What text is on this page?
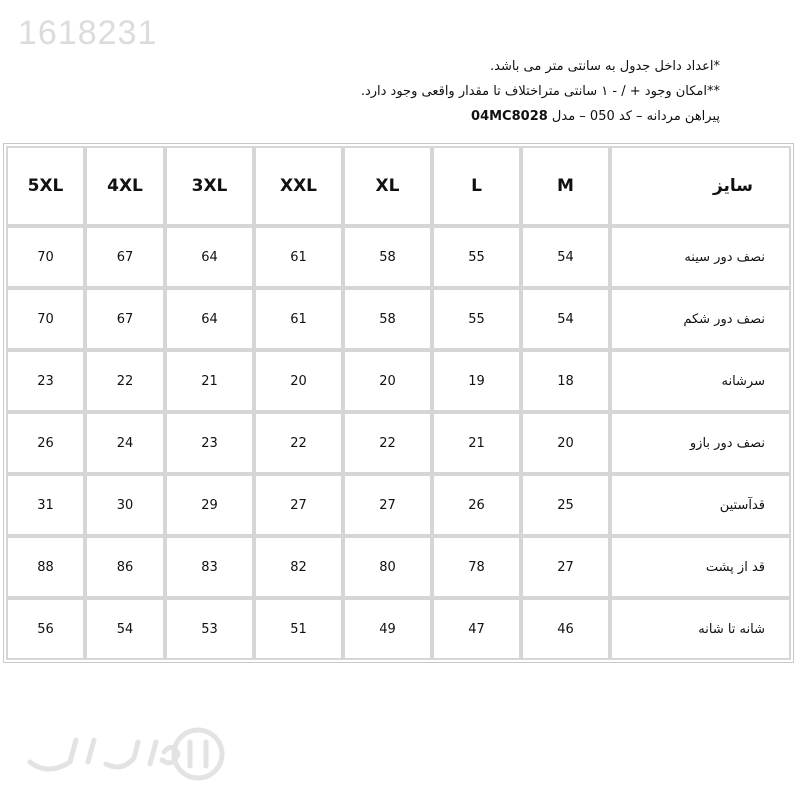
1618231
*اعداد داخل جدول به سانتی متر می باشد.
**امکان وجود + / - ۱ سانتی متراختلاف تا مقدار واقعی وجود دارد.
پیراهن مردانه – کد 050 – مدل 04MC8028
5XL	4XL	3XL	XXL	XL	L	M	سایز
70	67	64	61	58	55	54	نصف دور سینه
70	67	64	61	58	55	54	نصف دور شکم
23	22	21	20	20	19	18	سرشانه
26	24	23	22	22	21	20	نصف دور بازو
31	30	29	27	27	26	25	قدآستین
88	86	83	82	80	78	27	قد از پشت
56	54	53	51	49	47	46	شانه تا شانه
بوتیک
